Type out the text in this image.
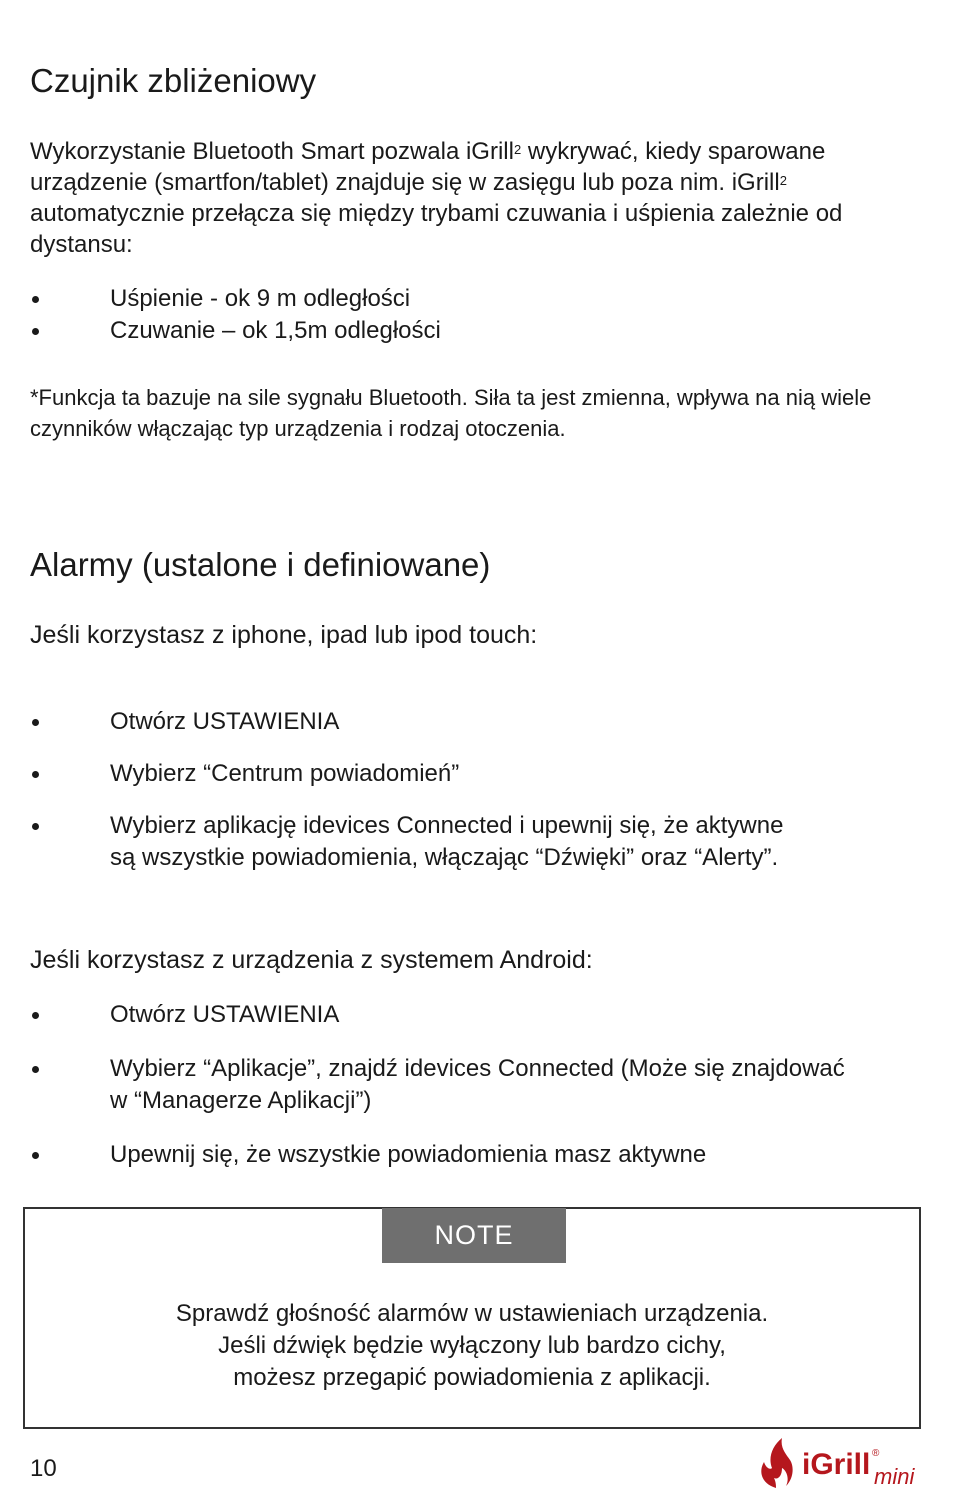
Czujnik zbliżeniowy

Wykorzystanie Bluetooth Smart pozwala iGrill$^2$ wykrywać, kiedy sparowane urządzenie (smartfon/tablet) znajduje się w zasięgu lub poza nim. iGrill$^2$ automatycznie przełącza się między trybami czuwania i uśpienia zależnie od dystansu:

Uśpienie - ok 9 m odległości
Czuwanie – ok 1,5m odległości

*Funkcja ta bazuje na sile sygnału Bluetooth. Siła ta jest zmienna, wpływa na nią wiele czynników włączając typ urządzenia i rodzaj otoczenia.

Alarmy (ustalone i definiowane)

Jeśli korzystasz z iphone, ipad lub ipod touch:

Otwórz USTAWIENIA
Wybierz “Centrum powiadomień”
Wybierz aplikację idevices Connected i upewnij się, że aktywne są wszystkie powiadomienia, włączając “Dźwięki” oraz “Alerty”.

Jeśli korzystasz z urządzenia z systemem Android:

Otwórz USTAWIENIA
Wybierz “Aplikacje”, znajdź idevices Connected (Może się znajdować w “Managerze Aplikacji”)
Upewnij się, że wszystkie powiadomienia masz aktywne
NOTE
Sprawdź głośność alarmów w ustawieniach urządzenia.
Jeśli dźwięk będzie wyłączony lub bardzo cichy,
możesz przegapić powiadomienia z aplikacji.
10	iGrill ®
mini
